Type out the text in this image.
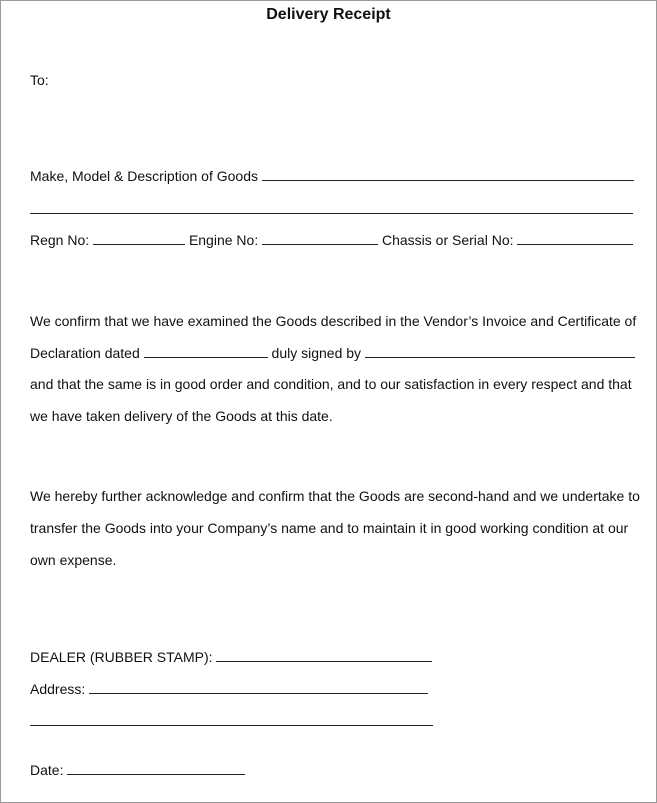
Delivery Receipt
To:
Make, Model & Description of Goods
Regn No:	Engine No:	Chassis or Serial No:
We confirm that we have examined the Goods described in the Vendor’s Invoice and Certificate of
Declaration dated	duly signed by
and that the same is in good order and condition, and to our satisfaction in every respect and that
we have taken delivery of the Goods at this date.
We hereby further acknowledge and confirm that the Goods are second-hand and we undertake to
transfer the Goods into your Company’s name and to maintain it in good working condition at our
own expense.
DEALER (RUBBER STAMP):
Address:
Date:
